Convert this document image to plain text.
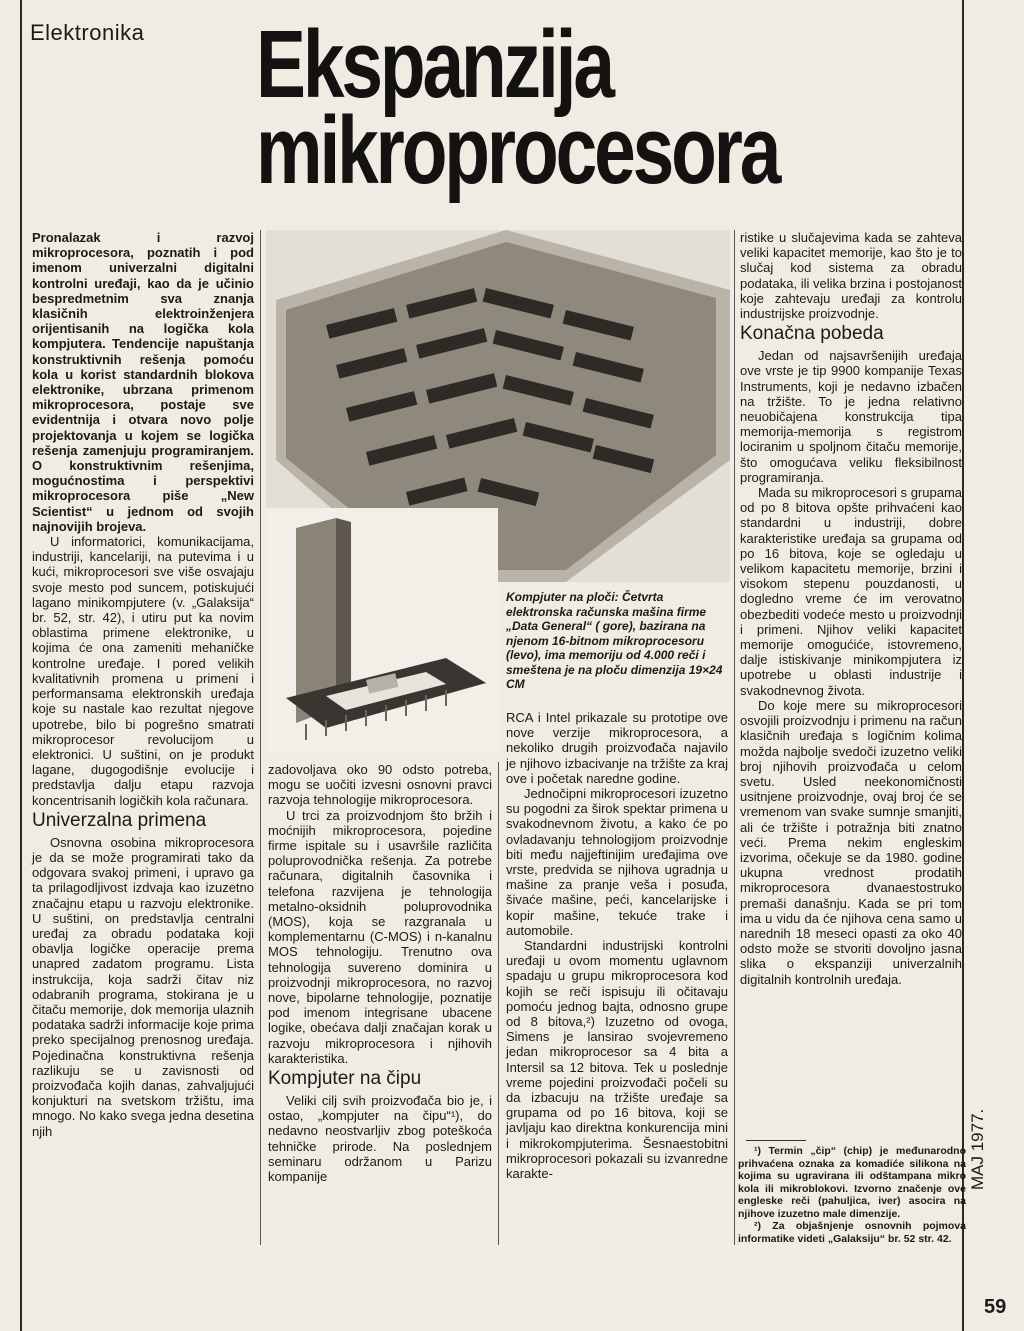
Elektronika Ekspanzija
mikroprocesora

Pronalazak i razvoj mikroprocesora, poznatih i pod imenom univerzalni digitalni kontrolni uređaji, kao da je učinio bespredmetnim sva znanja klasičnih elektroinženjera orijentisanih na logička kola kompjutera. Tendencije napuštanja konstruktivnih rešenja pomoću kola u korist standardnih blokova elektronike, ubrzana primenom mikroprocesora, postaje sve evidentnija i otvara novo polje projektovanja u kojem se logička rešenja zamenjuju programiranjem. O konstruktivnim rešenjima, mogućnostima i perspektivi mikroprocesora piše „New Scientist“ u jednom od svojih najnovijih brojeva.

U informatorici, komunikacijama, industriji, kancelariji, na putevima i u kući, mikroprocesori sve više osvajaju svoje mesto pod suncem, potiskujući lagano minikompjutere (v. „Galaksija“ br. 52, str. 42), i utiru put ka novim oblastima primene elektronike, u kojima će ona zameniti mehaničke kontrolne uređaje. I pored velikih kvalitativnih promena u primeni i performansama elektronskih uređaja koje su nastale kao rezultat njegove upotrebe, bilo bi pogrešno smatrati mikroprocesor revolucijom u elektronici. U suštini, on je produkt lagane, dugogodišnje evolucije i predstavlja dalju etapu razvoja koncentrisanih logičkih kola računara.

Univerzalna primena

Osnovna osobina mikroprocesora je da se može programirati tako da odgovara svakoj primeni, i upravo ga ta prilagodljivost izdvaja kao izuzetno značajnu etapu u razvoju elektronike. U suštini, on predstavlja centralni uređaj za obradu podataka koji obavlja logičke operacije prema unapred zadatom programu. Lista instrukcija, koja sadrži čitav niz odabranih programa, stokirana je u čitaču memorije, dok memorija ulaznih podataka sadrži informacije koje prima preko specijalnog prenosnog uređaja. Pojedinačna konstruktivna rešenja razlikuju se u zavisnosti od proizvođača kojih danas, zahvaljujući konjukturi na svetskom tržištu, ima mnogo. No kako svega jedna desetina njih

Kompjuter na ploči: Četvrta elektronska računska mašina firme „Data General“ ( gore), bazirana na njenom 16-bitnom mikroprocesoru (levo), ima memoriju od 4.000 reči i smeštena je na ploču dimenzija 19×24 CM

zadovoljava oko 90 odsto potreba, mogu se uočiti izvesni osnovni pravci razvoja tehnologije mikroprocesora.

U trci za proizvodnjom što bržih i moćnijih mikroprocesora, pojedine firme ispitale su i usavršile različita poluprovodnička rešenja. Za potrebe računara, digitalnih časovnika i telefona razvijena je tehnologija metalno-oksidnih poluprovodnika (MOS), koja se razgranala u komplementarnu (C-MOS) i n-kanalnu MOS tehnologiju. Trenutno ova tehnologija suvereno dominira u proizvodnji mikroprocesora, no razvoj nove, bipolarne tehnologije, poznatije pod imenom integrisane ubacene logike, obećava dalji značajan korak u razvoju mikroprocesora i njihovih karakteristika.

Kompjuter na čipu

Veliki cilj svih proizvođača bio je, i ostao, „kompjuter na čipu“¹), do nedavno neostvarljiv zbog poteškoća tehničke prirode. Na poslednjem seminaru održanom u Parizu kompanije

RCA i Intel prikazale su prototipe ove nove verzije mikroprocesora, a nekoliko drugih proizvođača najavilo je njihovo izbacivanje na tržište za kraj ove i početak naredne godine.

Jednočipni mikroprocesori izuzetno su pogodni za širok spektar primena u svakodnevnom životu, a kako će po ovladavanju tehnologijom proizvodnje biti među najjeftinijim uređajima ove vrste, predvida se njihova ugradnja u mašine za pranje veša i posuđa, šivaće mašine, peći, kancelarijske i kopir mašine, tekuće trake i automobile.

Standardni industrijski kontrolni uređaji u ovom momentu uglavnom spadaju u grupu mikroprocesora kod kojih se reči ispisuju ili očitavaju pomoću jednog bajta, odnosno grupe od 8 bitova,²) Izuzetno od ovoga, Simens je lansirao svojevremeno jedan mikroprocesor sa 4 bita a Intersil sa 12 bitova. Tek u poslednje vreme pojedini proizvođači počeli su da izbacuju na tržište uređaje sa grupama od po 16 bitova, koji se javljaju kao direktna konkurencija mini i mikrokompjuterima. Šesnaestobitni mikroprocesori pokazali su izvanredne karakte-

ristike u slučajevima kada se zahteva veliki kapacitet memorije, kao što je to slučaj kod sistema za obradu podataka, ili velika brzina i postojanost koje zahtevaju uređaji za kontrolu industrijske proizvodnje.

Konačna pobeda

Jedan od najsavršenijih uređaja ove vrste je tip 9900 kompanije Texas Instruments, koji je nedavno izbačen na tržište. To je jedna relativno neuobičajena konstrukcija tipa memorija-memorija s registrom lociranim u spoljnom čitaču memorije, što omogućava veliku fleksibilnost programiranja.

Mada su mikroprocesori s grupama od po 8 bitova opšte prihvaćeni kao standardni u industriji, dobre karakteristike uređaja sa grupama od po 16 bitova, koje se ogledaju u velikom kapacitetu memorije, brzini i visokom stepenu pouzdanosti, u dogledno vreme će im verovatno obezbediti vodeće mesto u proizvodnji i primeni. Njihov veliki kapacitet memorije omogućiće, istovremeno, dalje istiskivanje minikompjutera iz upotrebe u oblasti industrije i svakodnevnog života.

Do koje mere su mikroprocesori osvojili proizvodnju i primenu na račun klasičnih uređaja s logičnim kolima možda najbolje svedoči izuzetno veliki broj njihovih proizvođača u celom svetu. Usled neekonomičnosti usitnjene proizvodnje, ovaj broj će se vremenom van svake sumnje smanjiti, ali će tržište i potražnja biti znatno veći. Prema nekim engleskim izvorima, očekuje se da 1980. godine ukupna vrednost prodatih mikroprocesora dvanaestostruko premaši današnju. Kada se pri tom ima u vidu da će njihova cena samo u narednih 18 meseci opasti za oko 40 odsto može se stvoriti dovoljno jasna slika o ekspanziji univerzalnih digitalnih kontrolnih uređaja.

¹) Termin „čip“ (chip) je međunarodno prihvaćena oznaka za komadiće silikona na kojima su ugravirana ili odštampana mikro kola ili mikroblokovi. Izvorno značenje ove engleske reči (pahuljica, iver) asocira na njihove izuzetno male dimenzije.

²) Za objašnjenje osnovnih pojmova informatike videti „Galaksiju“ br. 52 str. 42.

MAJ 1977.
59
